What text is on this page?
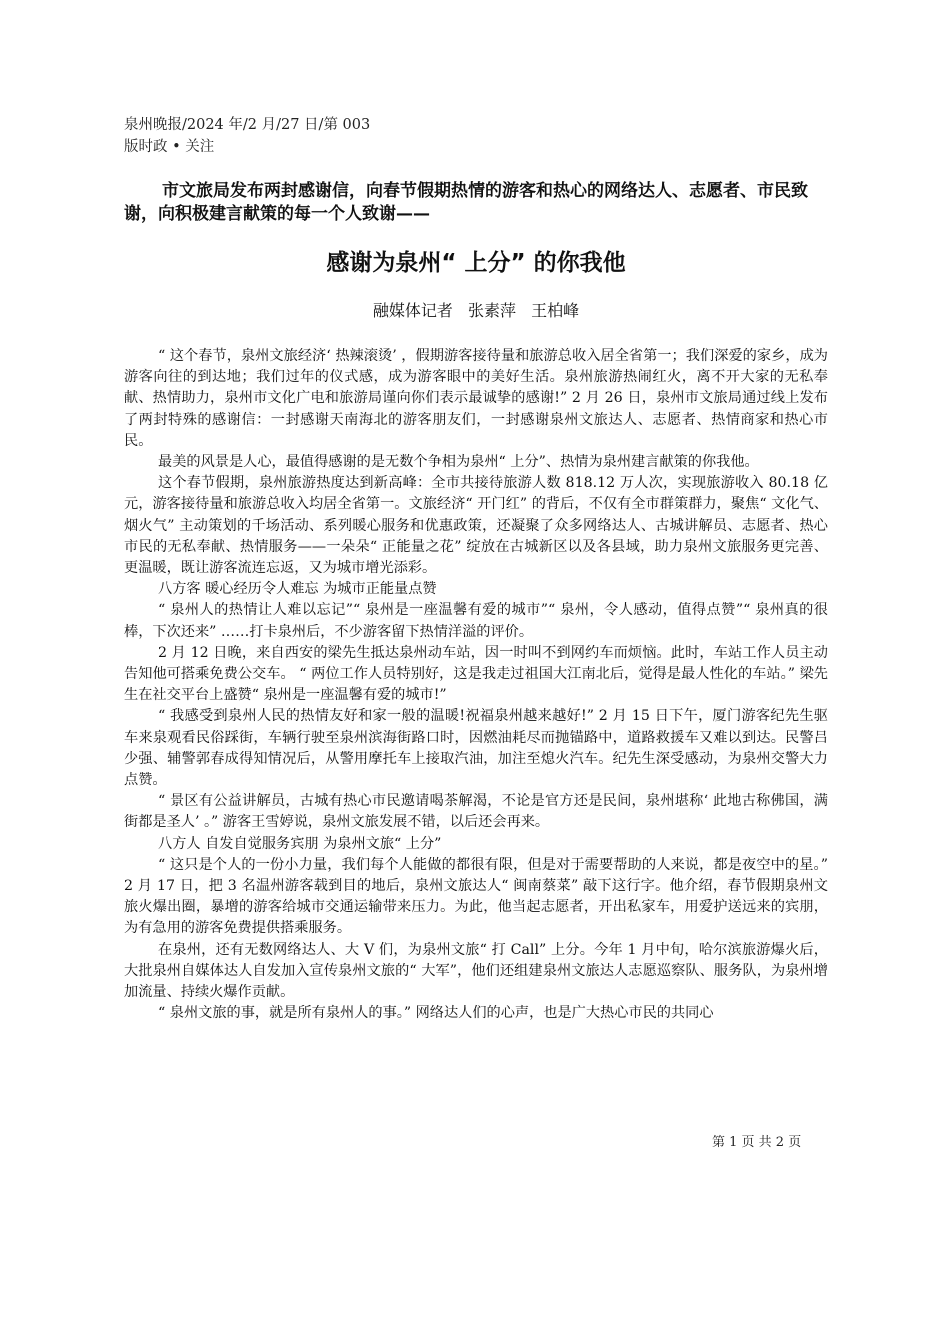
泉州晚报/2024 年/2 月/27 日/第 003
版时政 • 关注
市文旅局发布两封感谢信，向春节假期热情的游客和热心的网络达人、志愿者、市民致谢，向积极建言献策的每一个人致谢——
感谢为泉州“ 上分” 的你我他
融媒体记者 张素萍 王柏峰

“ 这个春节，泉州文旅经济‘ 热辣滚烫’ ，假期游客接待量和旅游总收入居全省第一；我们深爱的家乡，成为游客向往的到达地；我们过年的仪式感，成为游客眼中的美好生活。泉州旅游热闹红火，离不开大家的无私奉献、热情助力，泉州市文化广电和旅游局谨向你们表示最诚挚的感谢!” 2 月 26 日，泉州市文旅局通过线上发布了两封特殊的感谢信：一封感谢天南海北的游客朋友们，一封感谢泉州文旅达人、志愿者、热情商家和热心市民。

最美的风景是人心，最值得感谢的是无数个争相为泉州“ 上分”、热情为泉州建言献策的你我他。

这个春节假期，泉州旅游热度达到新高峰：全市共接待旅游人数 818.12 万人次，实现旅游收入 80.18 亿元，游客接待量和旅游总收入均居全省第一。文旅经济“ 开门红” 的背后，不仅有全市群策群力，聚焦“ 文化气、烟火气” 主动策划的千场活动、系列暖心服务和优惠政策，还凝聚了众多网络达人、古城讲解员、志愿者、热心市民的无私奉献、热情服务——一朵朵“ 正能量之花” 绽放在古城新区以及各县域，助力泉州文旅服务更完善、更温暖，既让游客流连忘返，又为城市增光添彩。

八方客 暖心经历令人难忘 为城市正能量点赞

“ 泉州人的热情让人难以忘记”“ 泉州是一座温馨有爱的城市”“ 泉州，令人感动，值得点赞”“ 泉州真的很棒，下次还来” ……打卡泉州后，不少游客留下热情洋溢的评价。

2 月 12 日晚，来自西安的梁先生抵达泉州动车站，因一时叫不到网约车而烦恼。此时，车站工作人员主动告知他可搭乘免费公交车。 “ 两位工作人员特别好，这是我走过祖国大江南北后，觉得是最人性化的车站。” 梁先生在社交平台上盛赞“ 泉州是一座温馨有爱的城市!”

“ 我感受到泉州人民的热情友好和家一般的温暖!祝福泉州越来越好!” 2 月 15 日下午，厦门游客纪先生驱车来泉观看民俗踩街，车辆行驶至泉州滨海街路口时，因燃油耗尽而抛锚路中，道路救援车又难以到达。民警吕少强、辅警郭春成得知情况后，从警用摩托车上接取汽油，加注至熄火汽车。纪先生深受感动，为泉州交警大力点赞。

“ 景区有公益讲解员，古城有热心市民邀请喝茶解渴，不论是官方还是民间，泉州堪称‘ 此地古称佛国，满街都是圣人’ 。” 游客王雪婷说，泉州文旅发展不错，以后还会再来。

八方人 自发自觉服务宾朋 为泉州文旅“ 上分”

“ 这只是个人的一份小力量，我们每个人能做的都很有限，但是对于需要帮助的人来说，都是夜空中的星。” 2 月 17 日，把 3 名温州游客载到目的地后，泉州文旅达人“ 闽南蔡菜” 敲下这行字。他介绍，春节假期泉州文旅火爆出圈，暴增的游客给城市交通运输带来压力。为此，他当起志愿者，开出私家车，用爱护送远来的宾朋，为有急用的游客免费提供搭乘服务。

在泉州，还有无数网络达人、大 V 们，为泉州文旅“ 打 Call” 上分。今年 1 月中旬，哈尔滨旅游爆火后，大批泉州自媒体达人自发加入宣传泉州文旅的“ 大军”，他们还组建泉州文旅达人志愿巡察队、服务队，为泉州增加流量、持续火爆作贡献。

“ 泉州文旅的事，就是所有泉州人的事。” 网络达人们的心声，也是广大热心市民的共同心

第 1 页 共 2 页
